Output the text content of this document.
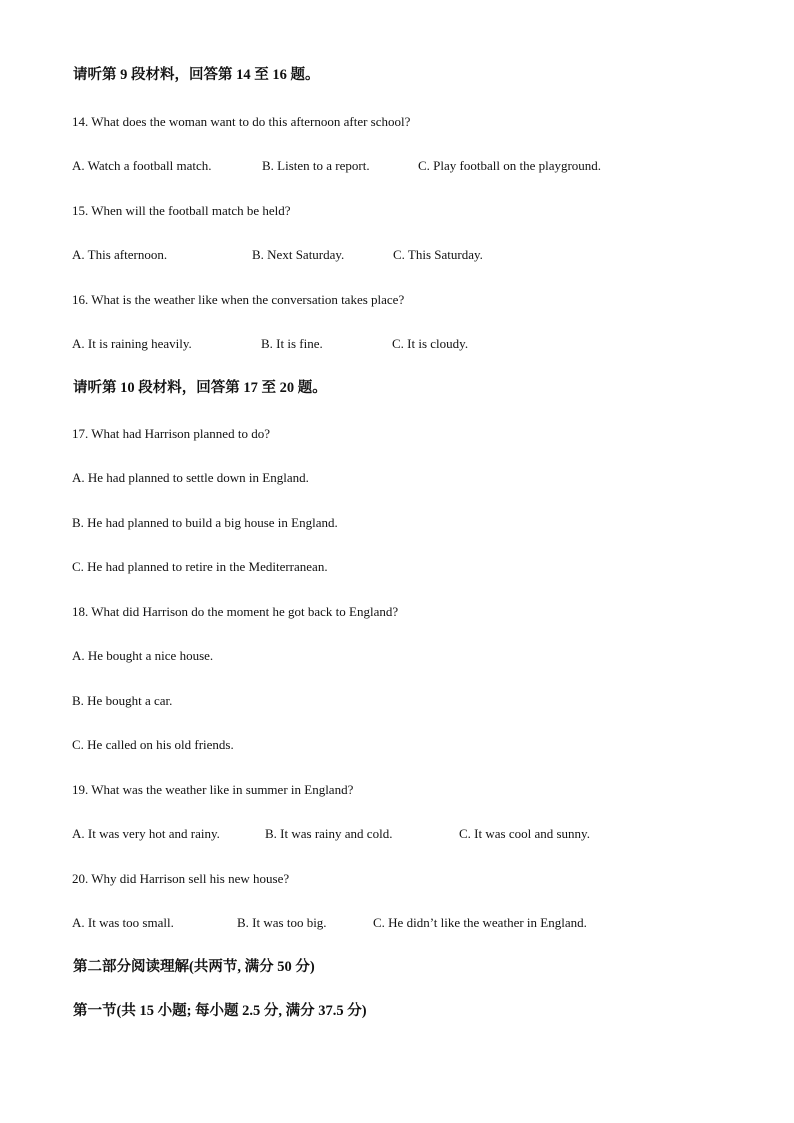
请听第 9 段材料，回答第 14 至 16 题。
14. What does the woman want to do this afternoon after school?
A. Watch a football match.	B. Listen to a report.	C. Play football on the playground.
15. When will the football match be held?
A. This afternoon.	B. Next Saturday.	C. This Saturday.
16. What is the weather like when the conversation takes place?
A. It is raining heavily.	B. It is fine.	C. It is cloudy.
请听第 10 段材料，回答第 17 至 20 题。
17. What had Harrison planned to do?
A. He had planned to settle down in England.
B. He had planned to build a big house in England.
C. He had planned to retire in the Mediterranean.
18. What did Harrison do the moment he got back to England?
A. He bought a nice house.
B. He bought a car.
C. He called on his old friends.
19. What was the weather like in summer in England?
A. It was very hot and rainy.	B. It was rainy and cold.	C. It was cool and sunny.
20. Why did Harrison sell his new house?
A. It was too small.	B. It was too big.	C. He didn’t like the weather in England.
第二部分阅读理解(共两节, 满分 50 分)
第一节(共 15 小题; 每小题 2.5 分, 满分 37.5 分)
